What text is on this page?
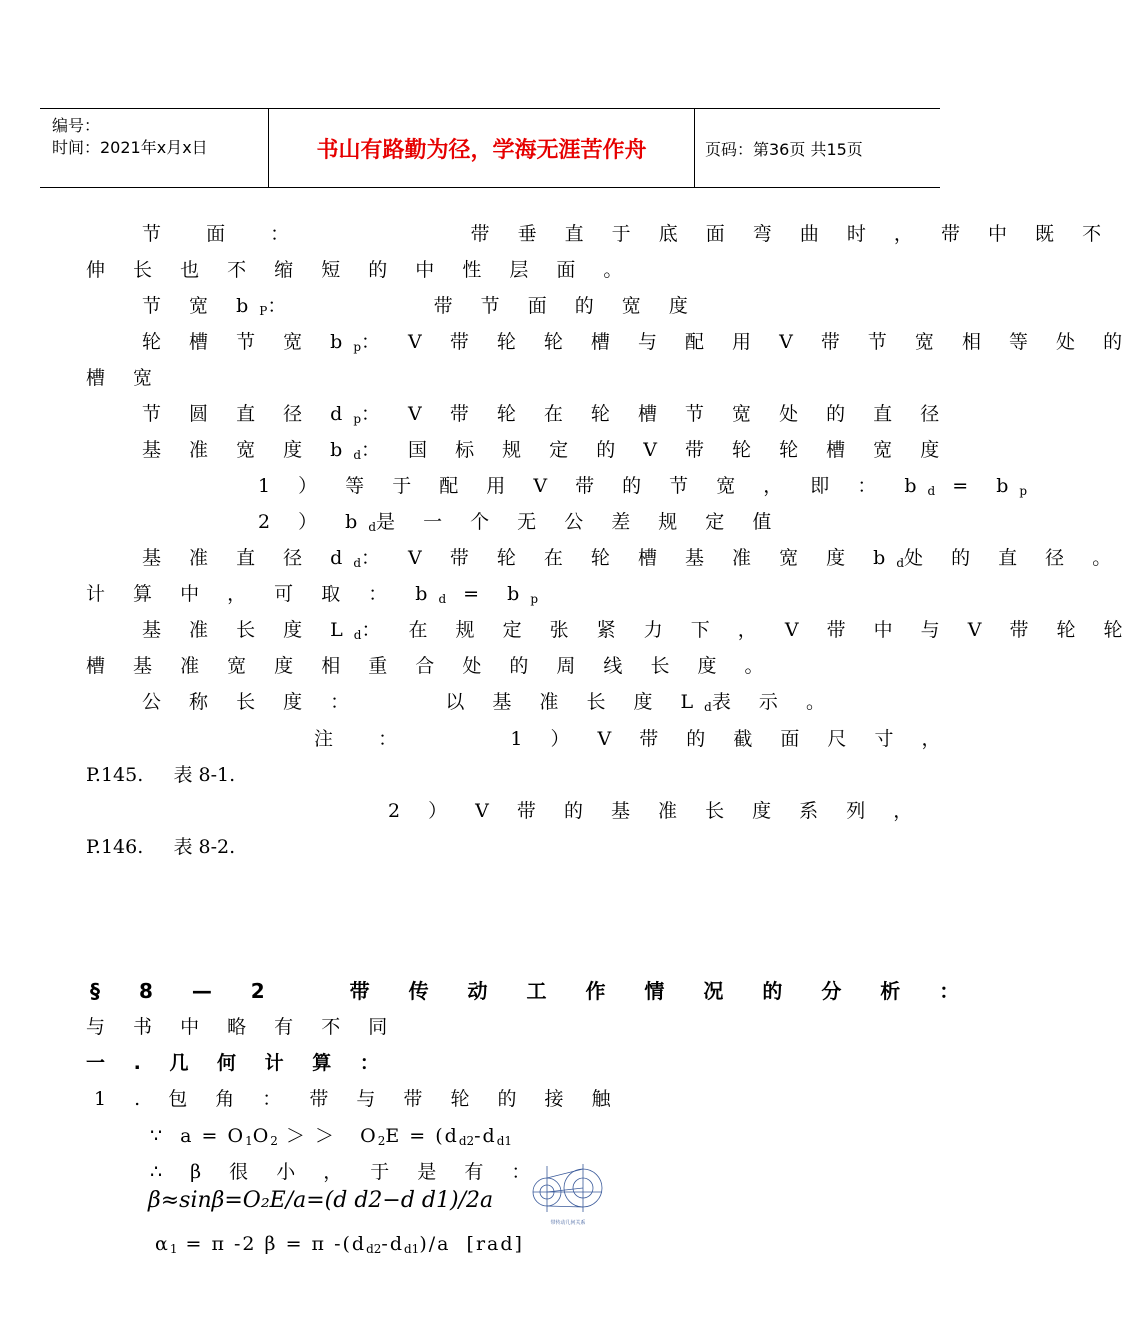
编号：
时间：2021年x月x日	书山有路勤为径，学海无涯苦作舟	页码：第36页 共15页
节  面  ：          带 垂 直 于 底 面 弯 曲 时 ， 带 中 既 不
伸 长 也 不 缩 短 的 中 性 层 面 。
节 宽 $b_P$：        带 节 面 的 宽 度
轮 槽 节 宽 $b_p$： V 带 轮 轮 槽 与 配 用 V 带 节 宽 相 等 处 的
槽 宽
节 圆 直 径 $d_p$： V 带 轮 在 轮 槽 节 宽 处 的 直 径
基 准 宽 度 $b_d$： 国 标 规 定 的 V 带 轮 轮 槽 宽 度
1 ） 等 于 配 用 V 带 的 节 宽 ， 即 ： $b_d = b_p$
2 ） $b_d$是 一 个 无 公 差 规 定 值
基 准 直 径 $d_d$： V 带 轮 在 轮 槽 基 准 宽 度 $b_d$处 的 直 径 。
计 算 中 ， 可 取 ： $b_d = b_p$
基 准 长 度 $L_d$： 在 规 定 张 紧 力 下 ， V 带 中 与 V 带 轮 轮
槽 基 准 宽 度 相 重 合 处 的 周 线 长 度 。
公 称 长 度 ：     以 基 准 长 度 $L_d$表 示 。
注  ：      1 ） V 带 的 截 面 尺 寸 ，
P.145.     表 8-1.
2 ） V 带 的 基 准 长 度 系 列 ，
P.146.     表 8-2.
§ 8 — 2   带 传 动 工 作 情 况 的 分 析 ：
与 书 中 略 有 不 同
一 . 几 何 计 算 ：
1 . 包 角 ： 带 与 带 轮 的 接 触
∵  $a = O_1O_2$ ＞ ＞   $O_2E = (d_{d2}-d_{d1}$
∴ β 很 小 ， 于 是 有 ：
β≈sinβ=O₂E/a=(d d2−d d1)/2a
$\alpha_1 = \pi$ -2 β = π $-(d_{d2}-d_{d1})/a$  [rad]
带传动几何关系
